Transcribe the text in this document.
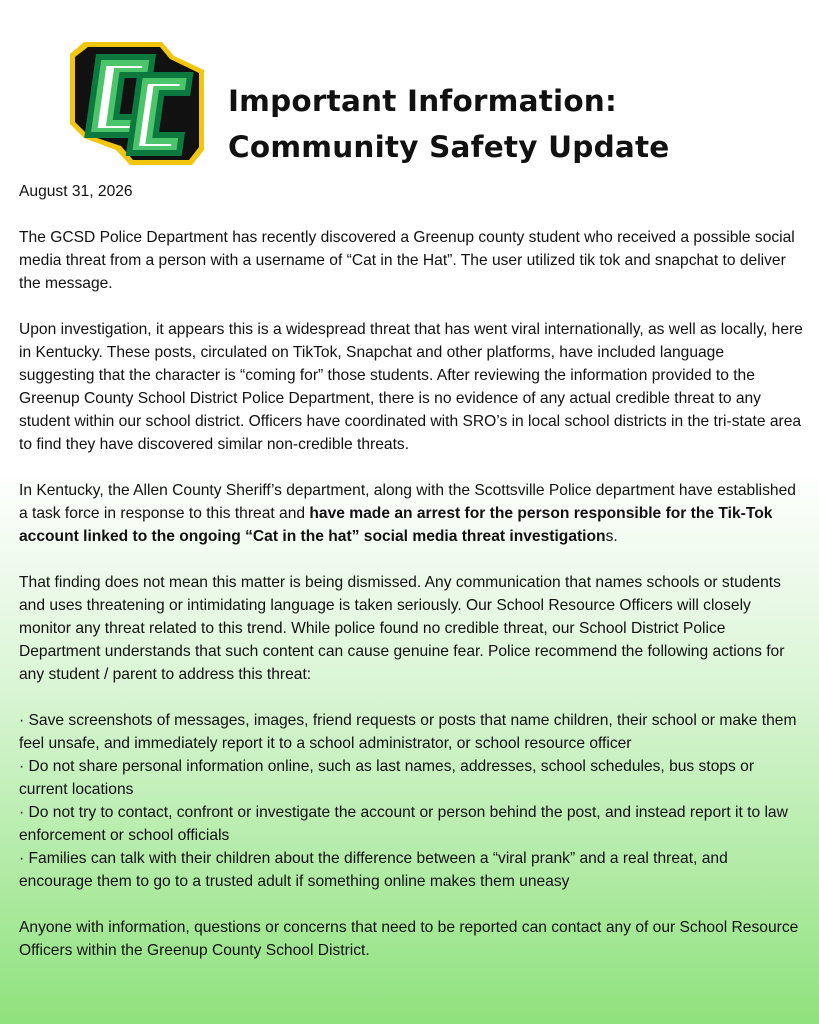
Important Information:
Community Safety Update

August 31, 2026

The GCSD Police Department has recently discovered a Greenup county student who received a possible social media threat from a person with a username of “Cat in the Hat”. The user utilized tik tok and snapchat to deliver the message.

Upon investigation, it appears this is a widespread threat that has went viral internationally, as well as locally, here in Kentucky. These posts, circulated on TikTok, Snapchat and other platforms, have included language suggesting that the character is “coming for” those students. After reviewing the information provided to the Greenup County School District Police Department, there is no evidence of any actual credible threat to any student within our school district. Officers have coordinated with SRO’s in local school districts in the tri-state area to find they have discovered similar non-credible threats.

In Kentucky, the Allen County Sheriff’s department, along with the Scottsville Police department have established a task force in response to this threat and have made an arrest for the person responsible for the Tik-Tok account linked to the ongoing “Cat in the hat” social media threat investigations.

That finding does not mean this matter is being dismissed. Any communication that names schools or students and uses threatening or intimidating language is taken seriously. Our School Resource Officers will closely monitor any threat related to this trend. While police found no credible threat, our School District Police Department understands that such content can cause genuine fear. Police recommend the following actions for any student / parent to address this threat:

· Save screenshots of messages, images, friend requests or posts that name children, their school or make them feel unsafe, and immediately report it to a school administrator, or school resource officer
· Do not share personal information online, such as last names, addresses, school schedules, bus stops or current locations
· Do not try to contact, confront or investigate the account or person behind the post, and instead report it to law enforcement or school officials
· Families can talk with their children about the difference between a “viral prank” and a real threat, and encourage them to go to a trusted adult if something online makes them uneasy

Anyone with information, questions or concerns that need to be reported can contact any of our School Resource Officers within the Greenup County School District.
